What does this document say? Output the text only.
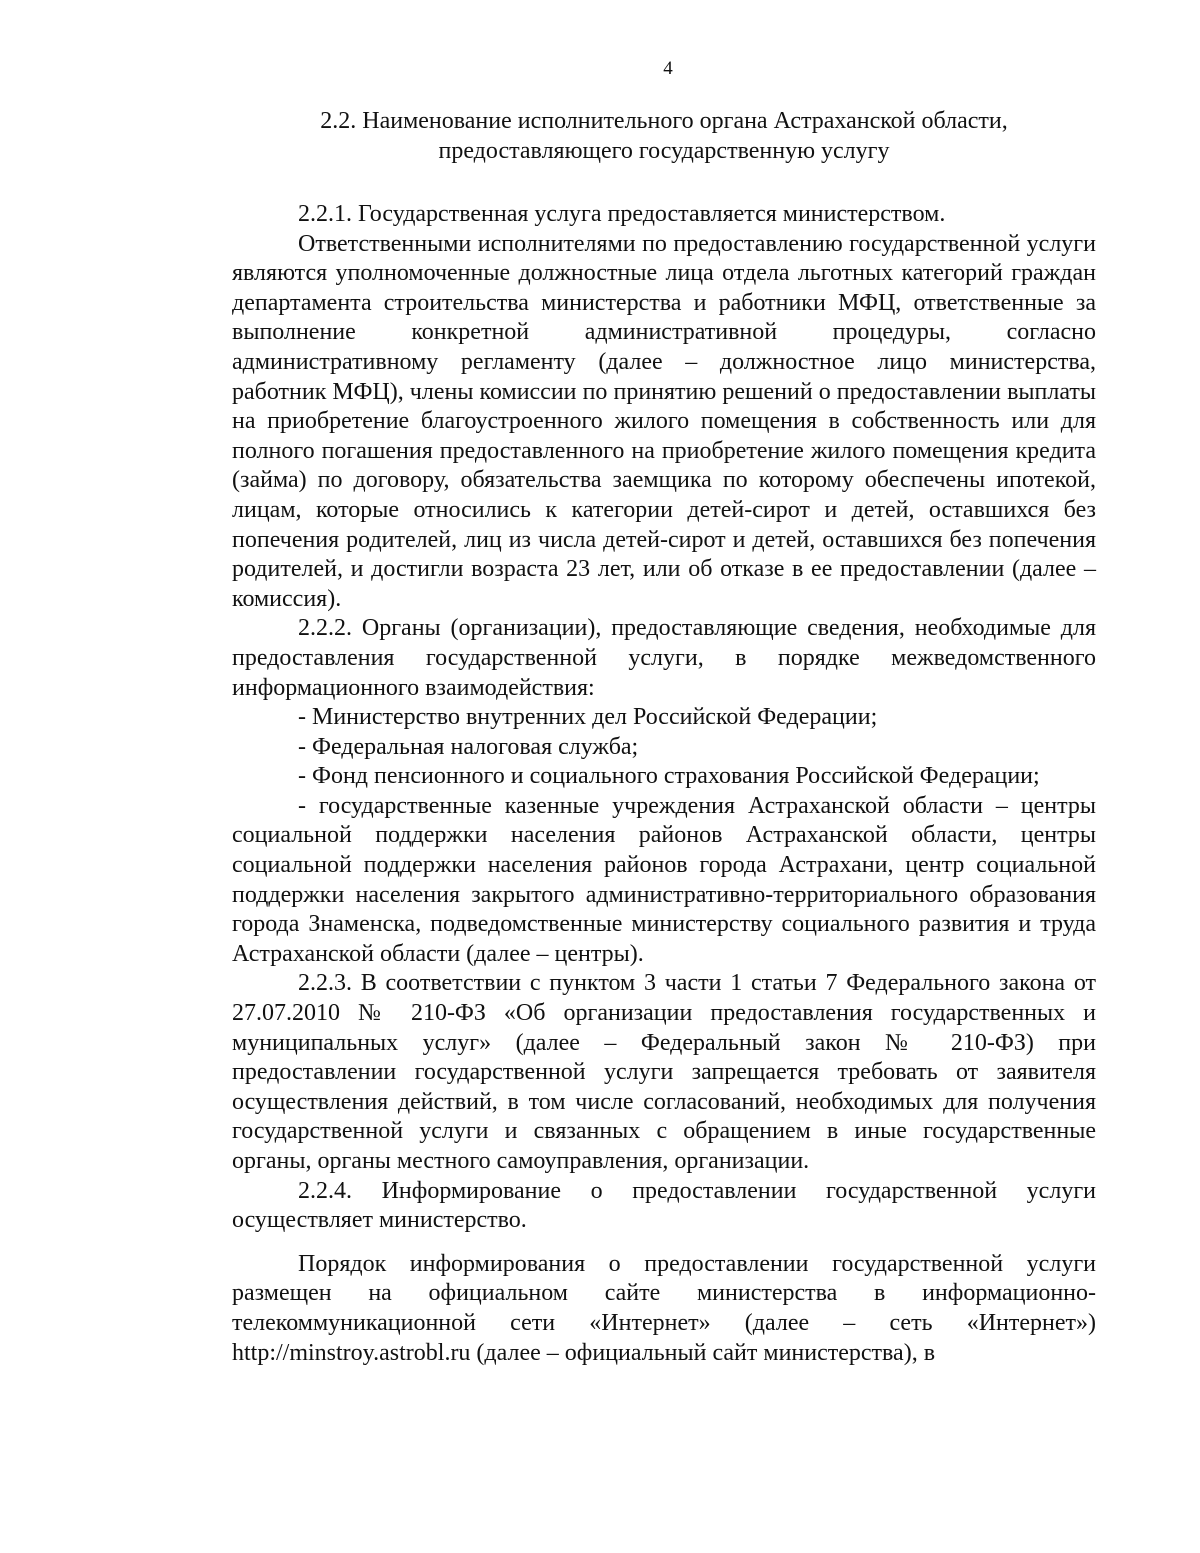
4
2.2. Наименование исполнительного органа Астраханской области,
предоставляющего государственную услугу

2.2.1. Государственная услуга предоставляется министерством.

Ответственными исполнителями по предоставлению государственной услуги являются уполномоченные должностные лица отдела льготных категорий граждан департамента строительства министерства и работники МФЦ, ответственные за выполнение конкретной административной процедуры, согласно административному регламенту (далее – должностное лицо министерства, работник МФЦ), члены комиссии по принятию решений о предоставлении выплаты на приобретение благоустроенного жилого помещения в собственность или для полного погашения предоставленного на приобретение жилого помещения кредита (займа) по договору, обязательства заемщика по которому обеспечены ипотекой, лицам, которые относились к категории детей-сирот и детей, оставшихся без попечения родителей, лиц из числа детей-сирот и детей, оставшихся без попечения родителей, и достигли возраста 23 лет, или об отказе в ее предоставлении (далее – комиссия).

2.2.2. Органы (организации), предоставляющие сведения, необходимые для предоставления государственной услуги, в порядке межведомственного информационного взаимодействия:

- Министерство внутренних дел Российской Федерации;

- Федеральная налоговая служба;

- Фонд пенсионного и социального страхования Российской Федерации;

- государственные казенные учреждения Астраханской области – центры социальной поддержки населения районов Астраханской области, центры социальной поддержки населения районов города Астрахани, центр социальной поддержки населения закрытого административно-территориального образования города Знаменска, подведомственные министерству социального развития и труда Астраханской области (далее – центры).

2.2.3. В соответствии с пунктом 3 части 1 статьи 7 Федерального закона от 27.07.2010 № 210-ФЗ «Об организации предоставления государственных и муниципальных услуг» (далее – Федеральный закон № 210-ФЗ) при предоставлении государственной услуги запрещается требовать от заявителя осуществления действий, в том числе согласований, необходимых для получения государственной услуги и связанных с обращением в иные государственные органы, органы местного самоуправления, организации.

2.2.4. Информирование о предоставлении государственной услуги осуществляет министерство.

Порядок информирования о предоставлении государственной услуги размещен на официальном сайте министерства в информационно-телекоммуникационной сети «Интернет» (далее – сеть «Интернет») http://minstroy.astrobl.ru (далее – официальный сайт министерства), в
